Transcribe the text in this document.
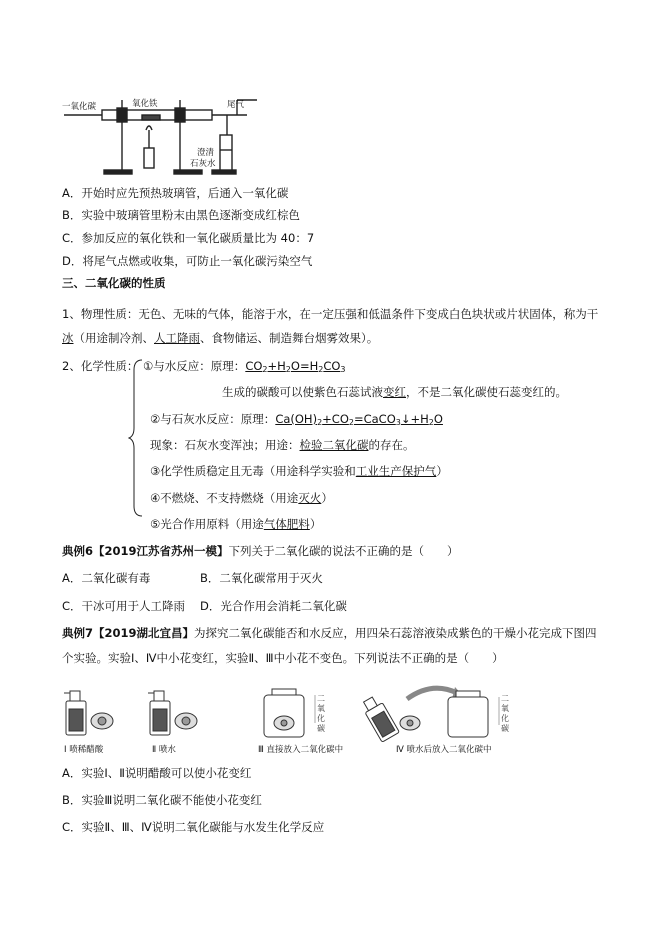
一氧化碳	氧化铁	尾气
澄清
石灰水
A．开始时应先预热玻璃管，后通入一氧化碳
B．实验中玻璃管里粉末由黑色逐渐变成红棕色
C．参加反应的氧化铁和一氧化碳质量比为 40：7
D．将尾气点燃或收集，可防止一氧化碳污染空气
三、二氧化碳的性质
1、物理性质：无色、无味的气体，能溶于水，在一定压强和低温条件下变成白色块状或片状固体，称为干
冰（用途制冷剂、人工降雨、食物储运、制造舞台烟雾效果）。
2、化学性质： ①与水反应：原理：$CO_2+H_2O=H_2CO_3$
生成的碳酸可以使紫色石蕊试液变红，不是二氧化碳使石蕊变红的。
②与石灰水反应：原理：$Ca(OH)_2+CO_2=CaCO_3↓+H_2O$
现象：石灰水变浑浊；用途：检验二氧化碳的存在。
③化学性质稳定且无毒（用途科学实验和工业生产保护气）
④不燃烧、不支持燃烧（用途灭火）
⑤光合作用原料（用途气体肥料）
典例6【2019江苏省苏州一模】下列关于二氧化碳的说法不正确的是（　　）
A．二氧化碳有毒	B．二氧化碳常用于灭火
C．干冰可用于人工降雨 D．光合作用会消耗二氧化碳
典例7【2019湖北宜昌】为探究二氧化碳能否和水反应，用四朵石蕊溶液染成紫色的干燥小花完成下图四
个实验。实验Ⅰ、Ⅳ中小花变红，实验Ⅱ、Ⅲ中小花不变色。下列说法不正确的是（　　）
二
氧
化
碳
二
氧
化
碳
Ⅰ 喷稀醋酸	Ⅱ 喷水	Ⅲ 直接放入二氧化碳中	Ⅳ 喷水后放入二氧化碳中
A．实验Ⅰ、Ⅱ说明醋酸可以使小花变红
B．实验Ⅲ说明二氧化碳不能使小花变红
C．实验Ⅱ、Ⅲ、Ⅳ说明二氧化碳能与水发生化学反应
